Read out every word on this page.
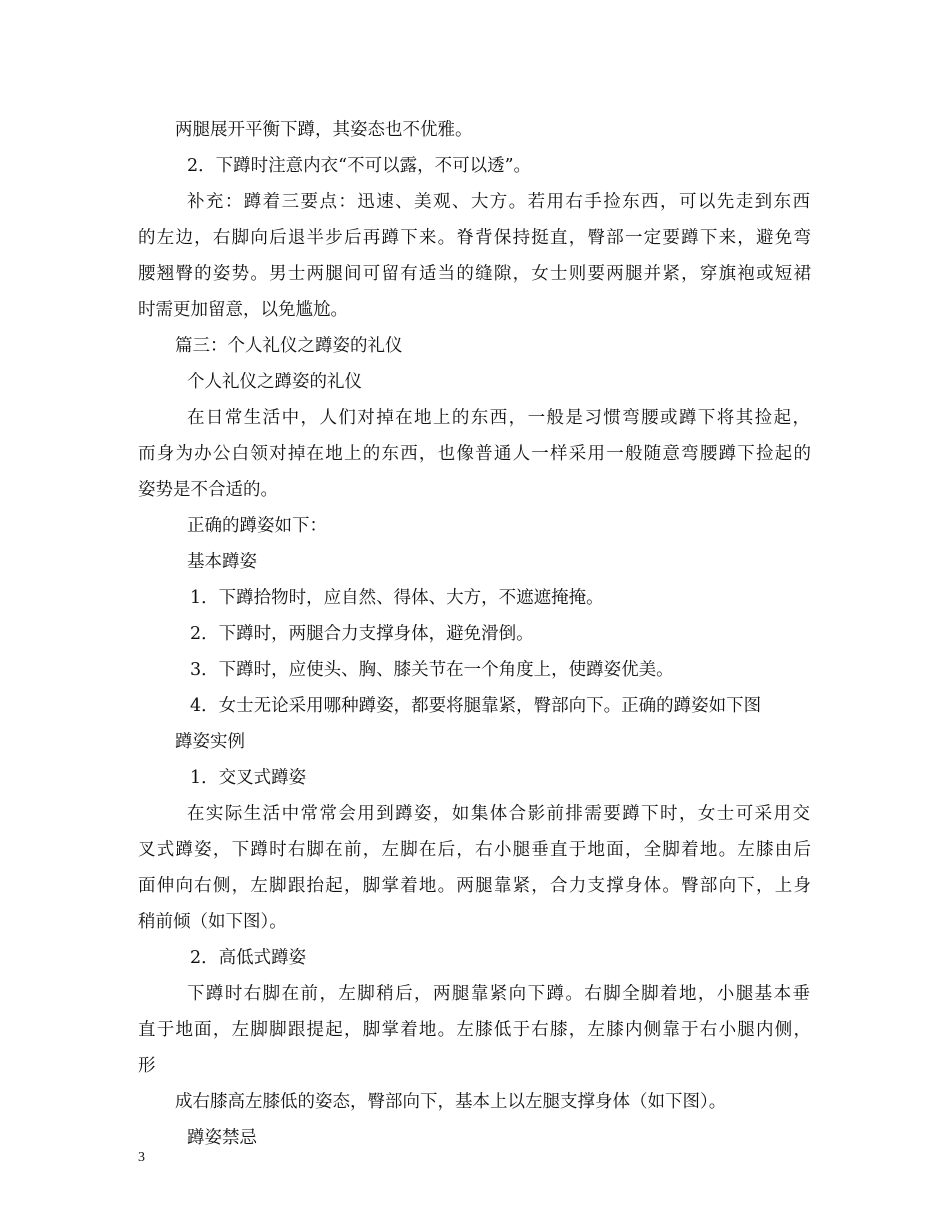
两腿展开平衡下蹲，其姿态也不优雅。
2．下蹲时注意内衣“不可以露，不可以透”。
补充：蹲着三要点：迅速、美观、大方。若用右手捡东西，可以先走到东西
的左边，右脚向后退半步后再蹲下来。脊背保持挺直，臀部一定要蹲下来，避免弯
腰翘臀的姿势。男士两腿间可留有适当的缝隙，女士则要两腿并紧，穿旗袍或短裙
时需更加留意，以免尴尬。
篇三：个人礼仪之蹲姿的礼仪
个人礼仪之蹲姿的礼仪
在日常生活中，人们对掉在地上的东西，一般是习惯弯腰或蹲下将其捡起，
而身为办公白领对掉在地上的东西，也像普通人一样采用一般随意弯腰蹲下捡起的
姿势是不合适的。
正确的蹲姿如下：
基本蹲姿
1．下蹲拾物时，应自然、得体、大方，不遮遮掩掩。
2．下蹲时，两腿合力支撑身体，避免滑倒。
3．下蹲时，应使头、胸、膝关节在一个角度上，使蹲姿优美。
4．女士无论采用哪种蹲姿，都要将腿靠紧，臀部向下。正确的蹲姿如下图
蹲姿实例
1．交叉式蹲姿
在实际生活中常常会用到蹲姿，如集体合影前排需要蹲下时，女士可采用交
叉式蹲姿，下蹲时右脚在前，左脚在后，右小腿垂直于地面，全脚着地。左膝由后
面伸向右侧，左脚跟抬起，脚掌着地。两腿靠紧，合力支撑身体。臀部向下，上身
稍前倾（如下图）。
2．高低式蹲姿
下蹲时右脚在前，左脚稍后，两腿靠紧向下蹲。右脚全脚着地，小腿基本垂
直于地面，左脚脚跟提起，脚掌着地。左膝低于右膝，左膝内侧靠于右小腿内侧，
形
成右膝高左膝低的姿态，臀部向下，基本上以左腿支撑身体（如下图）。
蹲姿禁忌
3
